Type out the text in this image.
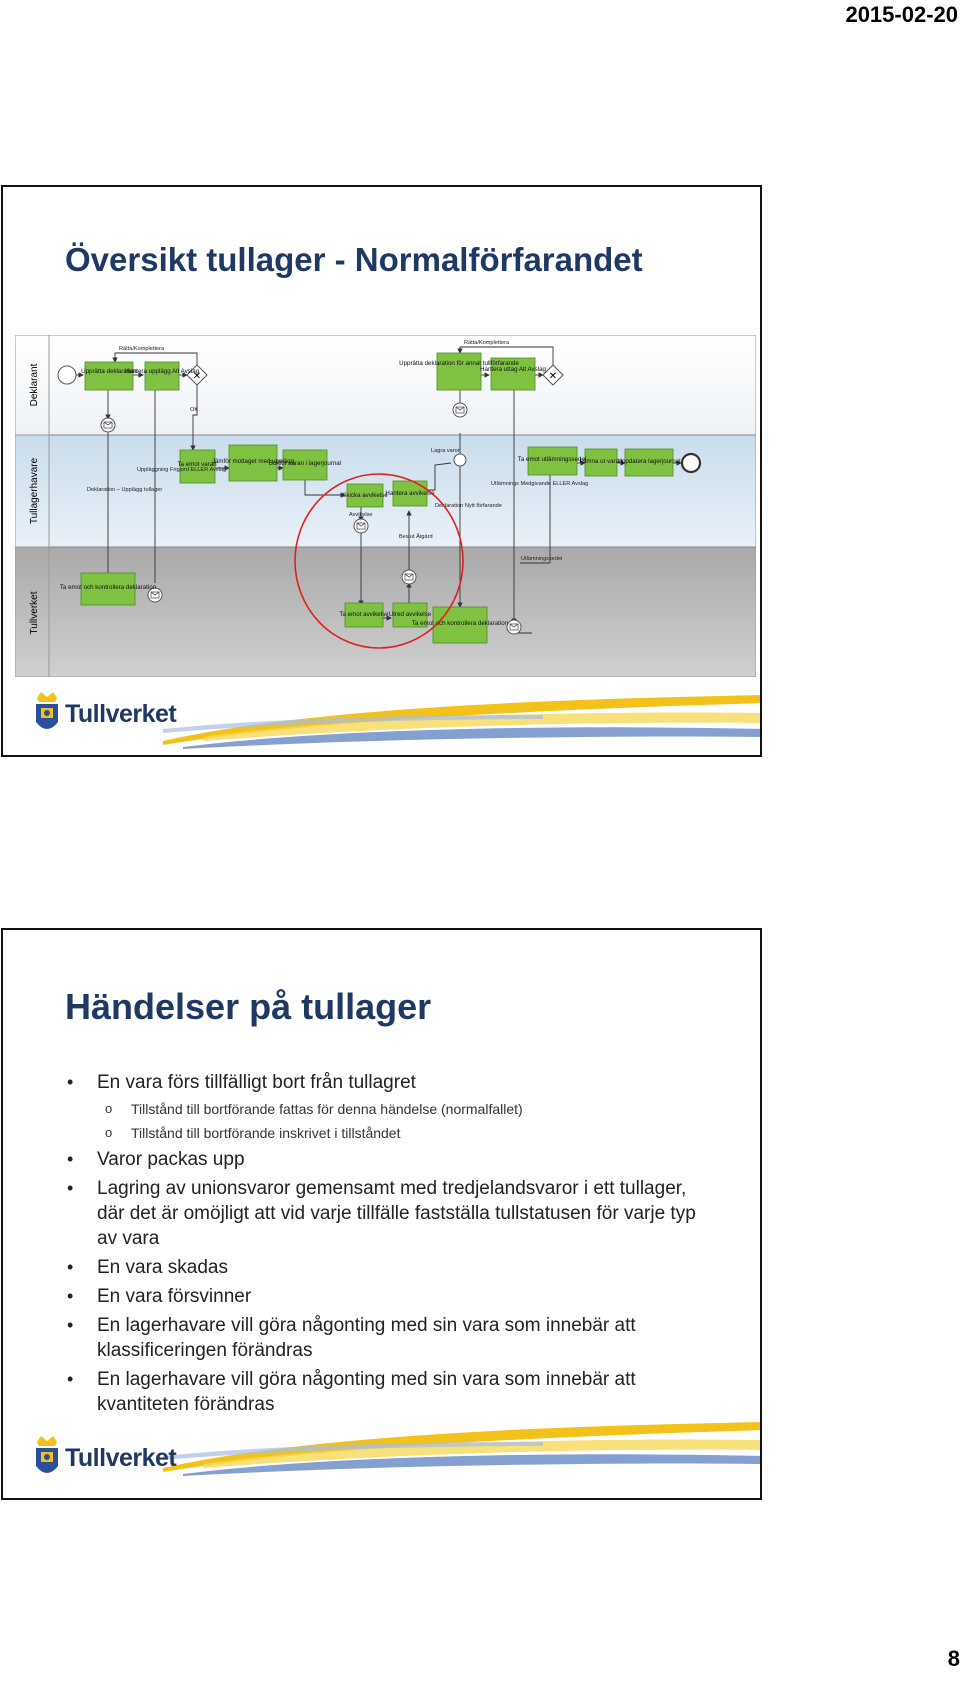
2015-02-20
Översikt tullager - Normalförfarandet
Deklarant
Tullagerhavare
Tullverket
✕	✕
Upprätta deklaration
Hantera upplägg Alt Avslag
Upprätta deklaration för annat tullförfarande
Hantera uttag Alt Avslag
Ta emot varan
Jämför mottaget med upplägg
Bokför varan i lagerjournal
Skicka avvikelse
Hantera avvikelse
Ta emot utlämningssedel
Lämna ut varan
Uppdatera lagerjournal
Ta emot och kontrollera deklaration
Ta emot avvikelse Utred avvikelse
Ta emot och kontrollera deklaration
Rätta/Komplettera
Rätta/Komplettera
OK
Deklaration – Upplägg tullager
Uppläggning Frigjord ELLER Avslag
Utlämnings Medgivande ELLER Avslag
Deklaration Nytt förfarande
Utlämningssedel
Lagra varor
Avvikelse
Beslut Åtgärd
Tullverket
Händelser på tullager
• En vara förs tillfälligt bort från tullagret
o Tillstånd till bortförande fattas för denna händelse (normalfallet)
o Tillstånd till bortförande inskrivet i tillståndet
• Varor packas upp
• Lagring av unionsvaror gemensamt med tredjelandsvaror i ett tullager, där det är omöjligt att vid varje tillfälle fastställa tullstatusen för varje typ av vara
• En vara skadas
• En vara försvinner
• En lagerhavare vill göra någonting med sin vara som innebär att klassificeringen förändras
• En lagerhavare vill göra någonting med sin vara som innebär att kvantiteten förändras
Tullverket
8
